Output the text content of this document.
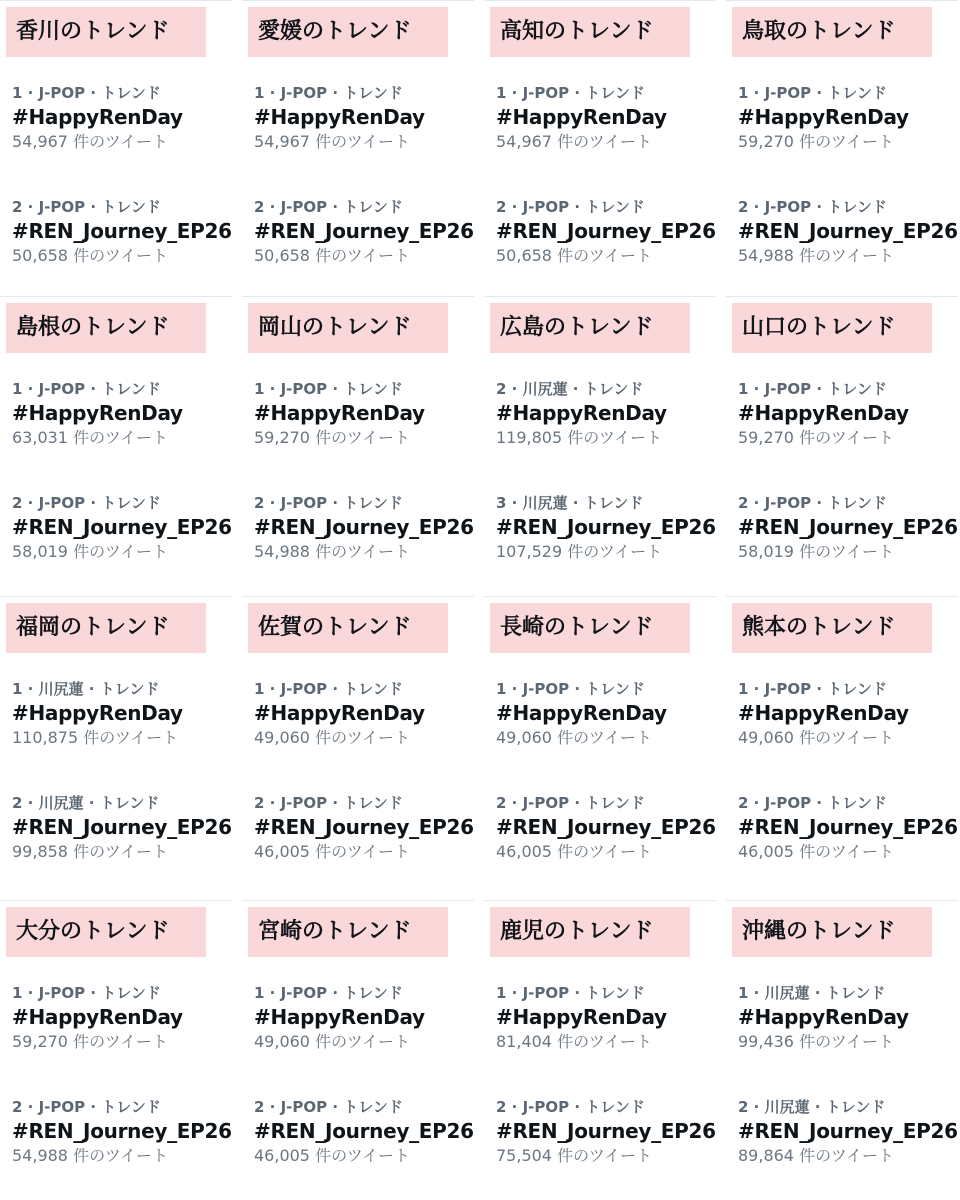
香川のトレンド
1 · J-POP · トレンド
#HappyRenDay
54,967 件のツイート
2 · J-POP · トレンド
#REN_Journey_EP26
50,658 件のツイート
愛媛のトレンド
1 · J-POP · トレンド
#HappyRenDay
54,967 件のツイート
2 · J-POP · トレンド
#REN_Journey_EP26
50,658 件のツイート
高知のトレンド
1 · J-POP · トレンド
#HappyRenDay
54,967 件のツイート
2 · J-POP · トレンド
#REN_Journey_EP26
50,658 件のツイート
鳥取のトレンド
1 · J-POP · トレンド
#HappyRenDay
59,270 件のツイート
2 · J-POP · トレンド
#REN_Journey_EP26
54,988 件のツイート
島根のトレンド
1 · J-POP · トレンド
#HappyRenDay
63,031 件のツイート
2 · J-POP · トレンド
#REN_Journey_EP26
58,019 件のツイート
岡山のトレンド
1 · J-POP · トレンド
#HappyRenDay
59,270 件のツイート
2 · J-POP · トレンド
#REN_Journey_EP26
54,988 件のツイート
広島のトレンド
2 · 川尻蓮 · トレンド
#HappyRenDay
119,805 件のツイート
3 · 川尻蓮 · トレンド
#REN_Journey_EP26
107,529 件のツイート
山口のトレンド
1 · J-POP · トレンド
#HappyRenDay
59,270 件のツイート
2 · J-POP · トレンド
#REN_Journey_EP26
58,019 件のツイート
福岡のトレンド
1 · 川尻蓮 · トレンド
#HappyRenDay
110,875 件のツイート
2 · 川尻蓮 · トレンド
#REN_Journey_EP26
99,858 件のツイート
佐賀のトレンド
1 · J-POP · トレンド
#HappyRenDay
49,060 件のツイート
2 · J-POP · トレンド
#REN_Journey_EP26
46,005 件のツイート
長崎のトレンド
1 · J-POP · トレンド
#HappyRenDay
49,060 件のツイート
2 · J-POP · トレンド
#REN_Journey_EP26
46,005 件のツイート
熊本のトレンド
1 · J-POP · トレンド
#HappyRenDay
49,060 件のツイート
2 · J-POP · トレンド
#REN_Journey_EP26
46,005 件のツイート
大分のトレンド
1 · J-POP · トレンド
#HappyRenDay
59,270 件のツイート
2 · J-POP · トレンド
#REN_Journey_EP26
54,988 件のツイート
宮崎のトレンド
1 · J-POP · トレンド
#HappyRenDay
49,060 件のツイート
2 · J-POP · トレンド
#REN_Journey_EP26
46,005 件のツイート
鹿児のトレンド
1 · J-POP · トレンド
#HappyRenDay
81,404 件のツイート
2 · J-POP · トレンド
#REN_Journey_EP26
75,504 件のツイート
沖縄のトレンド
1 · 川尻蓮 · トレンド
#HappyRenDay
99,436 件のツイート
2 · 川尻蓮 · トレンド
#REN_Journey_EP26
89,864 件のツイート
